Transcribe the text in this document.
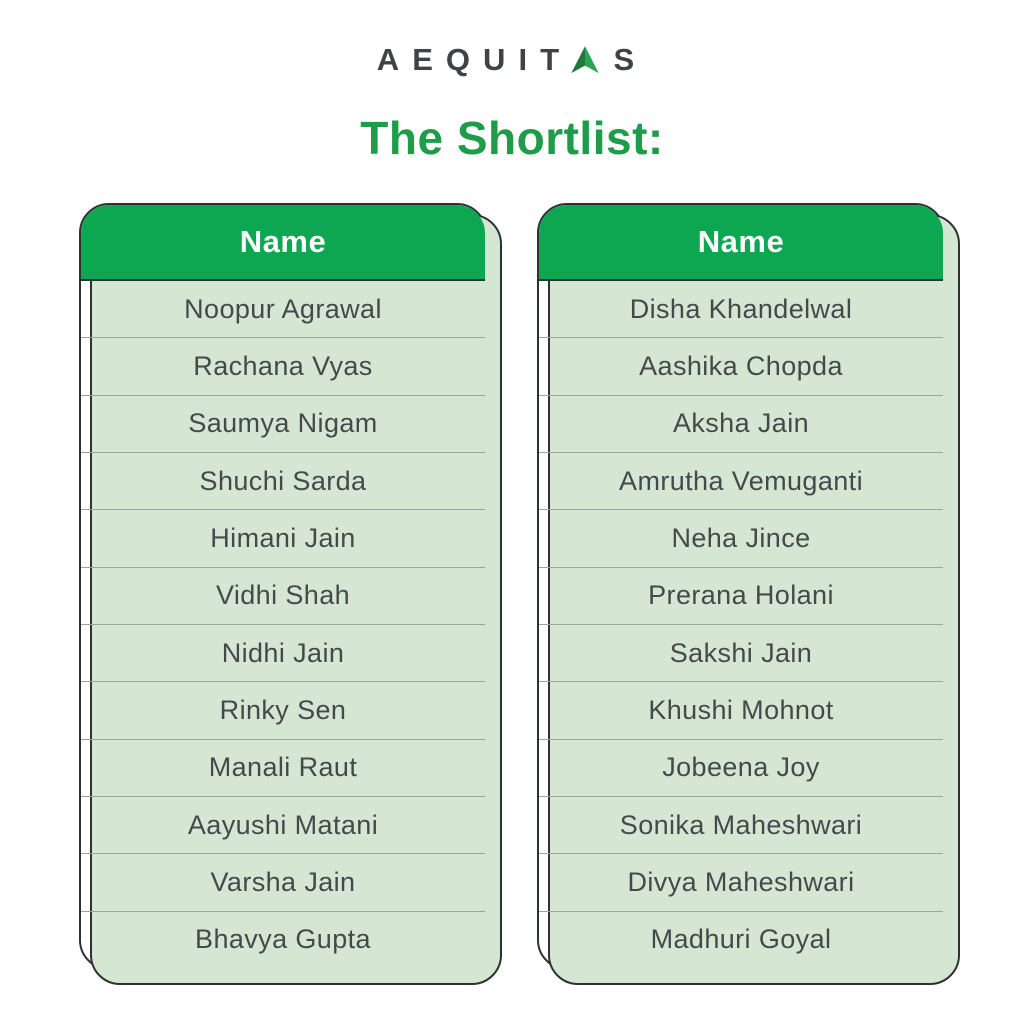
AEQUIT S
The Shortlist:
Name
Noopur Agrawal
Rachana Vyas
Saumya Nigam
Shuchi Sarda
Himani Jain
Vidhi Shah
Nidhi Jain
Rinky Sen
Manali Raut
Aayushi Matani
Varsha Jain
Bhavya Gupta
Name
Disha Khandelwal
Aashika Chopda
Aksha Jain
Amrutha Vemuganti
Neha Jince
Prerana Holani
Sakshi Jain
Khushi Mohnot
Jobeena Joy
Sonika Maheshwari
Divya Maheshwari
Madhuri Goyal
